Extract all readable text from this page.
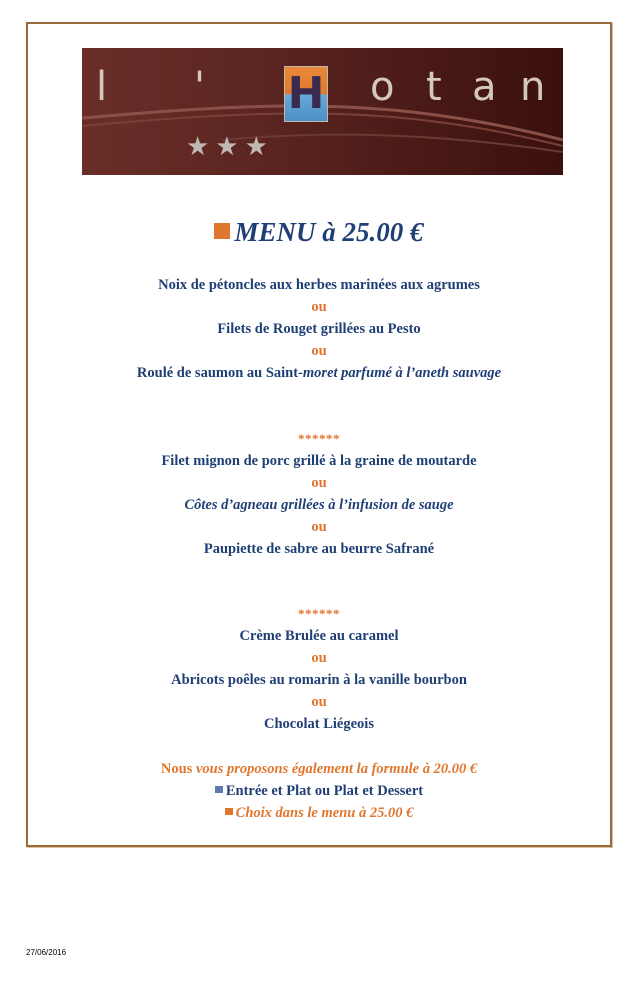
l ' H o t a n
★★★
MENU à 25.00 €
Noix de pétoncles aux herbes marinées aux agrumes
ou
Filets de Rouget grillées au Pesto
ou
Roulé de saumon au Saint-moret parfumé à l’aneth sauvage
******
Filet mignon de porc grillé à la graine de moutarde
ou
Côtes d’agneau grillées à l’infusion de sauge
ou
Paupiette de sabre au beurre Safrané
******
Crème Brulée au caramel
ou
Abricots poêles au romarin à la vanille bourbon
ou
Chocolat Liégeois
Nous vous proposons également la formule à 20.00 €
Entrée et Plat ou Plat et Dessert
Choix dans le menu à 25.00 €
27/06/2016
